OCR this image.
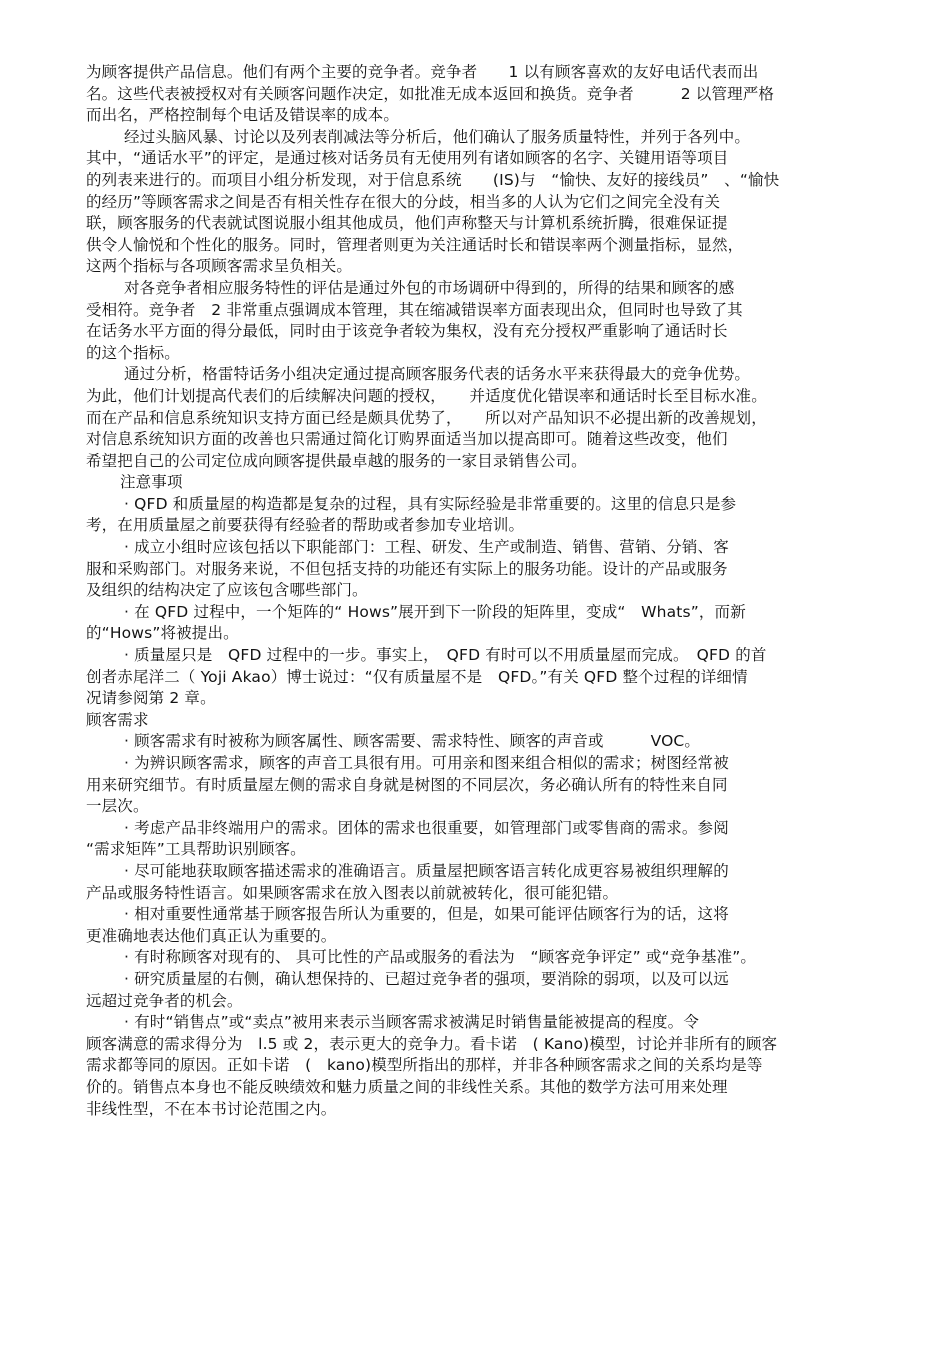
为顾客提供产品信息。他们有两个主要的竞争者。竞争者　　1 以有顾客喜欢的友好电话代表而出
名。这些代表被授权对有关顾客问题作决定，如批准无成本返回和换货。竞争者　　　2 以管理严格
而出名，严格控制每个电话及错误率的成本。
经过头脑风暴、讨论以及列表削减法等分析后，他们确认了服务质量特性，并列于各列中。
其中，“通话水平”的评定，是通过核对话务员有无使用列有诸如顾客的名字、关键用语等项目
的列表来进行的。而项目小组分析发现，对于信息系统　　(IS)与　“愉快、友好的接线员”　、“愉快
的经历”等顾客需求之间是否有相关性存在很大的分歧，相当多的人认为它们之间完全没有关
联，顾客服务的代表就试图说服小组其他成员，他们声称整天与计算机系统折腾，很难保证提
供令人愉悦和个性化的服务。同时，管理者则更为关注通话时长和错误率两个测量指标，显然，
这两个指标与各项顾客需求呈负相关。
对各竞争者相应服务特性的评估是通过外包的市场调研中得到的，所得的结果和顾客的感
受相符。竞争者　2 非常重点强调成本管理，其在缩减错误率方面表现出众，但同时也导致了其
在话务水平方面的得分最低，同时由于该竞争者较为集权，没有充分授权严重影响了通话时长
的这个指标。
通过分析，格雷特话务小组决定通过提高顾客服务代表的话务水平来获得最大的竞争优势。
为此，他们计划提高代表们的后续解决问题的授权，　　并适度优化错误率和通话时长至目标水准。
而在产品和信息系统知识支持方面已经是颇具优势了，　　所以对产品知识不必提出新的改善规划，
对信息系统知识方面的改善也只需通过简化订购界面适当加以提高即可。随着这些改变，他们
希望把自己的公司定位成向顾客提供最卓越的服务的一家目录销售公司。
注意事项
· QFD 和质量屋的构造都是复杂的过程，具有实际经验是非常重要的。这里的信息只是参
考，在用质量屋之前要获得有经验者的帮助或者参加专业培训。
· 成立小组时应该包括以下职能部门：工程、研发、生产或制造、销售、营销、分销、客
服和采购部门。对服务来说，不但包括支持的功能还有实际上的服务功能。设计的产品或服务
及组织的结构决定了应该包含哪些部门。
· 在 QFD 过程中，一个矩阵的“ Hows”展开到下一阶段的矩阵里，变成“　Whats”，而新
的“Hows”将被提出。
· 质量屋只是　QFD 过程中的一步。事实上，　QFD 有时可以不用质量屋而完成。　QFD 的首
创者赤尾洋二（ Yoji Akao）博士说过：“仅有质量屋不是　QFD。”有关 QFD 整个过程的详细情
况请参阅第 2 章。
顾客需求
· 顾客需求有时被称为顾客属性、顾客需要、需求特性、顾客的声音或　　　VOC。
· 为辨识顾客需求，顾客的声音工具很有用。可用亲和图来组合相似的需求；树图经常被
用来研究细节。有时质量屋左侧的需求自身就是树图的不同层次，务必确认所有的特性来自同
一层次。
· 考虑产品非终端用户的需求。团体的需求也很重要，如管理部门或零售商的需求。参阅
“需求矩阵”工具帮助识别顾客。
· 尽可能地获取顾客描述需求的准确语言。质量屋把顾客语言转化成更容易被组织理解的
产品或服务特性语言。如果顾客需求在放入图表以前就被转化，很可能犯错。
· 相对重要性通常基于顾客报告所认为重要的，但是，如果可能评估顾客行为的话，这将
更准确地表达他们真正认为重要的。
· 有时称顾客对现有的、 具可比性的产品或服务的看法为　“顾客竞争评定” 或“竞争基准”。
· 研究质量屋的右侧，确认想保持的、已超过竞争者的强项，要消除的弱项，以及可以远
远超过竞争者的机会。
· 有时“销售点”或“卖点”被用来表示当顾客需求被满足时销售量能被提高的程度。令
顾客满意的需求得分为　l.5 或 2，表示更大的竞争力。看卡诺　( Kano)模型，讨论并非所有的顾客
需求都等同的原因。正如卡诺　(　kano)模型所指出的那样，并非各种顾客需求之间的关系均是等
价的。销售点本身也不能反映绩效和魅力质量之间的非线性关系。其他的数学方法可用来处理
非线性型，不在本书讨论范围之内。
